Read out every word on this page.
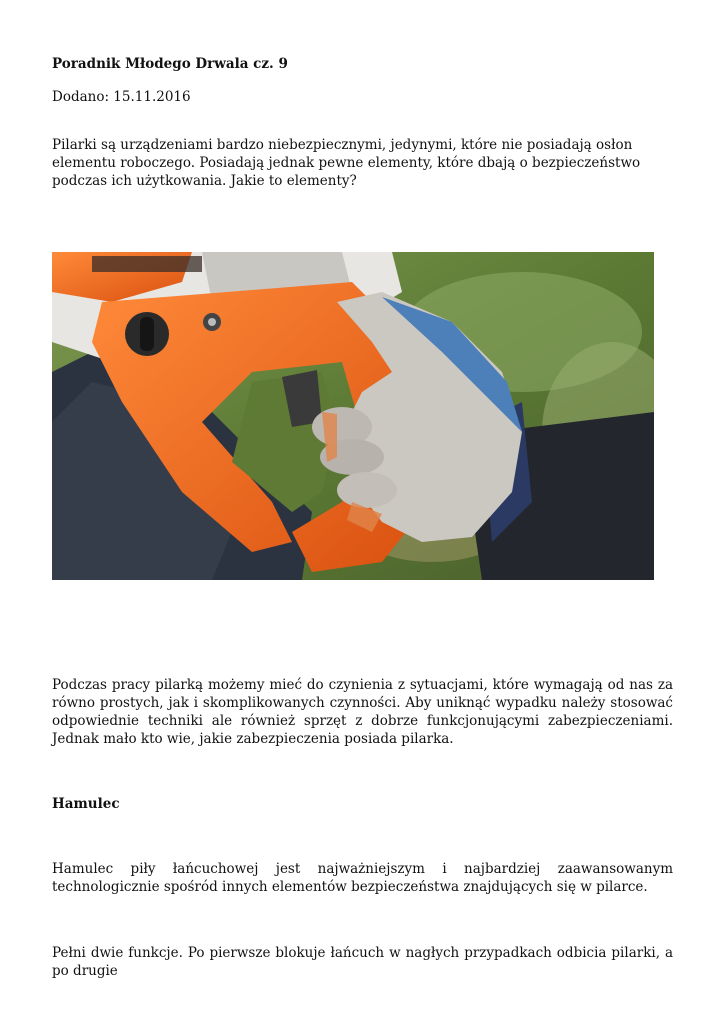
Poradnik Młodego Drwala cz. 9

Dodano: 15.11.2016

Pilarki są urządzeniami bardzo niebezpiecznymi, jedynymi, które nie posiadają osłon elementu roboczego. Posiadają jednak pewne elementy, które dbają o bezpieczeństwo podczas ich użytkowania. Jakie to elementy?

Podczas pracy pilarką możemy mieć do czynienia z sytuacjami, które wymagają od nas za równo prostych, jak i skomplikowanych czynności. Aby uniknąć wypadku należy stosować odpowiednie techniki ale również sprzęt z dobrze funkcjonującymi zabezpieczeniami. Jednak mało kto wie, jakie zabezpieczenia posiada pilarka.

Hamulec

Hamulec piły łańcuchowej jest najważniejszym i najbardziej zaawansowanym technologicznie spośród innych elementów bezpieczeństwa znajdujących się w pilarce.

Pełni dwie funkcje. Po pierwsze blokuje łańcuch w nagłych przypadkach odbicia pilarki, a po drugie
